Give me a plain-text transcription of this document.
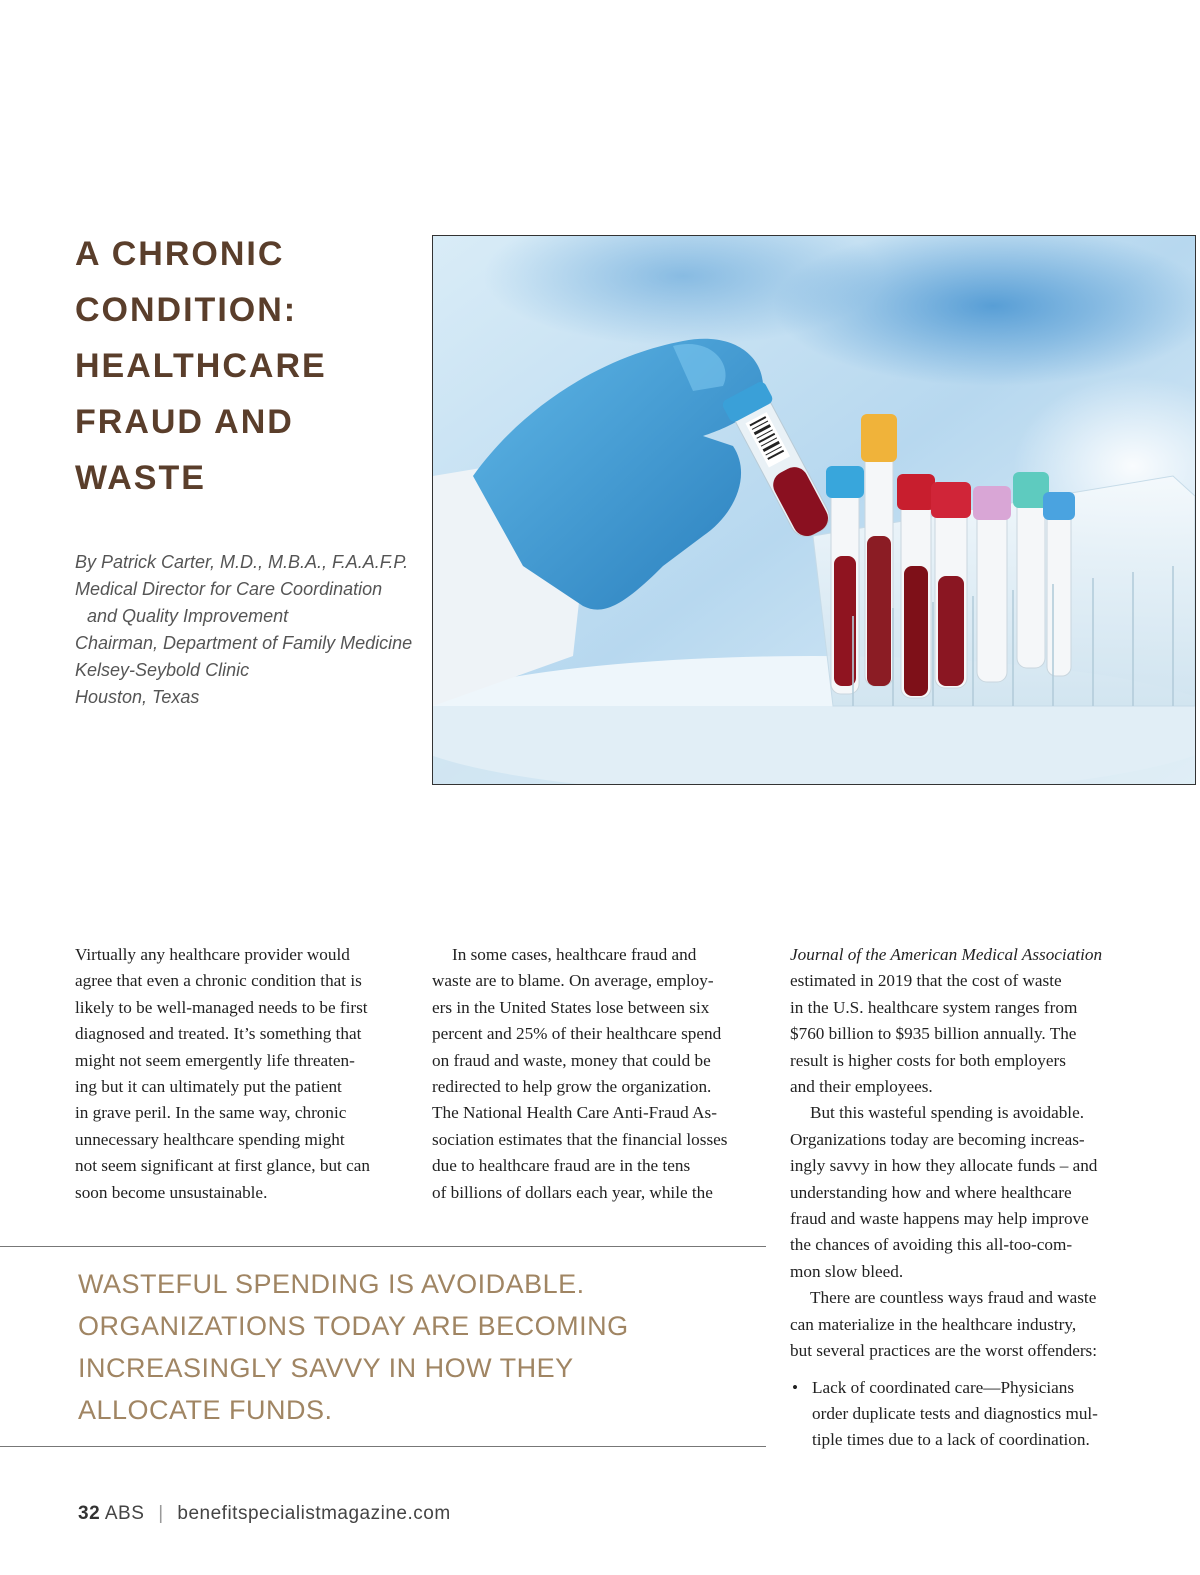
A CHRONIC
CONDITION:
HEALTHCARE
FRAUD AND
WASTE
By Patrick Carter, M.D., M.B.A., F.A.A.F.P.
Medical Director for Care Coordination and Quality Improvement
Chairman, Department of Family Medicine
Kelsey-Seybold Clinic
Houston, Texas
Virtually any healthcare provider would
agree that even a chronic condition that is
likely to be well-managed needs to be first
diagnosed and treated. It’s something that
might not seem emergently life threaten-
ing but it can ultimately put the patient
in grave peril. In the same way, chronic
unnecessary healthcare spending might
not seem significant at first glance, but can
soon become unsustainable.
In some cases, healthcare fraud and
waste are to blame. On average, employ-
ers in the United States lose between six
percent and 25% of their healthcare spend
on fraud and waste, money that could be
redirected to help grow the organization.
The National Health Care Anti-Fraud As-
sociation estimates that the financial losses
due to healthcare fraud are in the tens
of billions of dollars each year, while the
Journal of the American Medical Association
estimated in 2019 that the cost of waste
in the U.S. healthcare system ranges from
$760 billion to $935 billion annually. The
result is higher costs for both employers
and their employees.
But this wasteful spending is avoidable.
Organizations today are becoming increas-
ingly savvy in how they allocate funds – and
understanding how and where healthcare
fraud and waste happens may help improve
the chances of avoiding this all-too-com-
mon slow bleed.
There are countless ways fraud and waste
can materialize in the healthcare industry,
but several practices are the worst offenders:
• Lack of coordinated care—Physicians
order duplicate tests and diagnostics mul-
tiple times due to a lack of coordination.
WASTEFUL SPENDING IS AVOIDABLE.
ORGANIZATIONS TODAY ARE BECOMING
INCREASINGLY SAVVY IN HOW THEY
ALLOCATE FUNDS.
32 ABS | benefitspecialistmagazine.com
